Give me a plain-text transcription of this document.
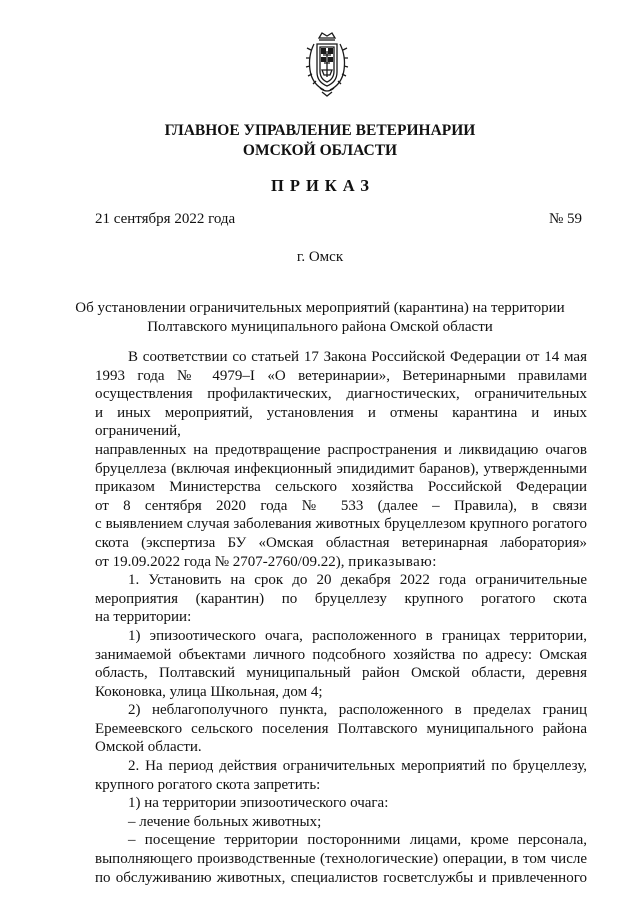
ГЛАВНОЕ УПРАВЛЕНИЕ ВЕТЕРИНАРИИ
ОМСКОЙ ОБЛАСТИ
ПРИКАЗ
21 сентября 2022 года	№ 59
г. Омск
Об установлении ограничительных мероприятий (карантина) на территории
Полтавского муниципального района Омской области

В соответствии со статьей 17 Закона Российской Федерации от 14 мая

1993 года № 4979–I «О ветеринарии», Ветеринарными правилами

осуществления профилактических, диагностических, ограничительных

и иных мероприятий, установления и отмены карантина и иных ограничений,

направленных на предотвращение распространения и ликвидацию очагов

бруцеллеза (включая инфекционный эпидидимит баранов), утвержденными

приказом Министерства сельского хозяйства Российской Федерации

от 8 сентября 2020 года № 533 (далее – Правила), в связи

с выявлением случая заболевания животных бруцеллезом крупного рогатого

скота (экспертиза БУ «Омская областная ветеринарная лаборатория»

от 19.09.2022 года № 2707-2760/09.22), приказываю:

1. Установить на срок до 20 декабря 2022 года ограничительные

мероприятия (карантин) по бруцеллезу крупного рогатого скота

на территории:

1) эпизоотического очага, расположенного в границах территории,

занимаемой объектами личного подсобного хозяйства по адресу: Омская

область, Полтавский муниципальный район Омской области, деревня

Коконовка, улица Школьная, дом 4;

2) неблагополучного пункта, расположенного в пределах границ

Еремеевского сельского поселения Полтавского муниципального района

Омской области.

2. На период действия ограничительных мероприятий по бруцеллезу,

крупного рогатого скота запретить:

1) на территории эпизоотического очага:

– лечение больных животных;

– посещение территории посторонними лицами, кроме персонала,

выполняющего производственные (технологические) операции, в том числе

по обслуживанию животных, специалистов госветслужбы и привлеченного
